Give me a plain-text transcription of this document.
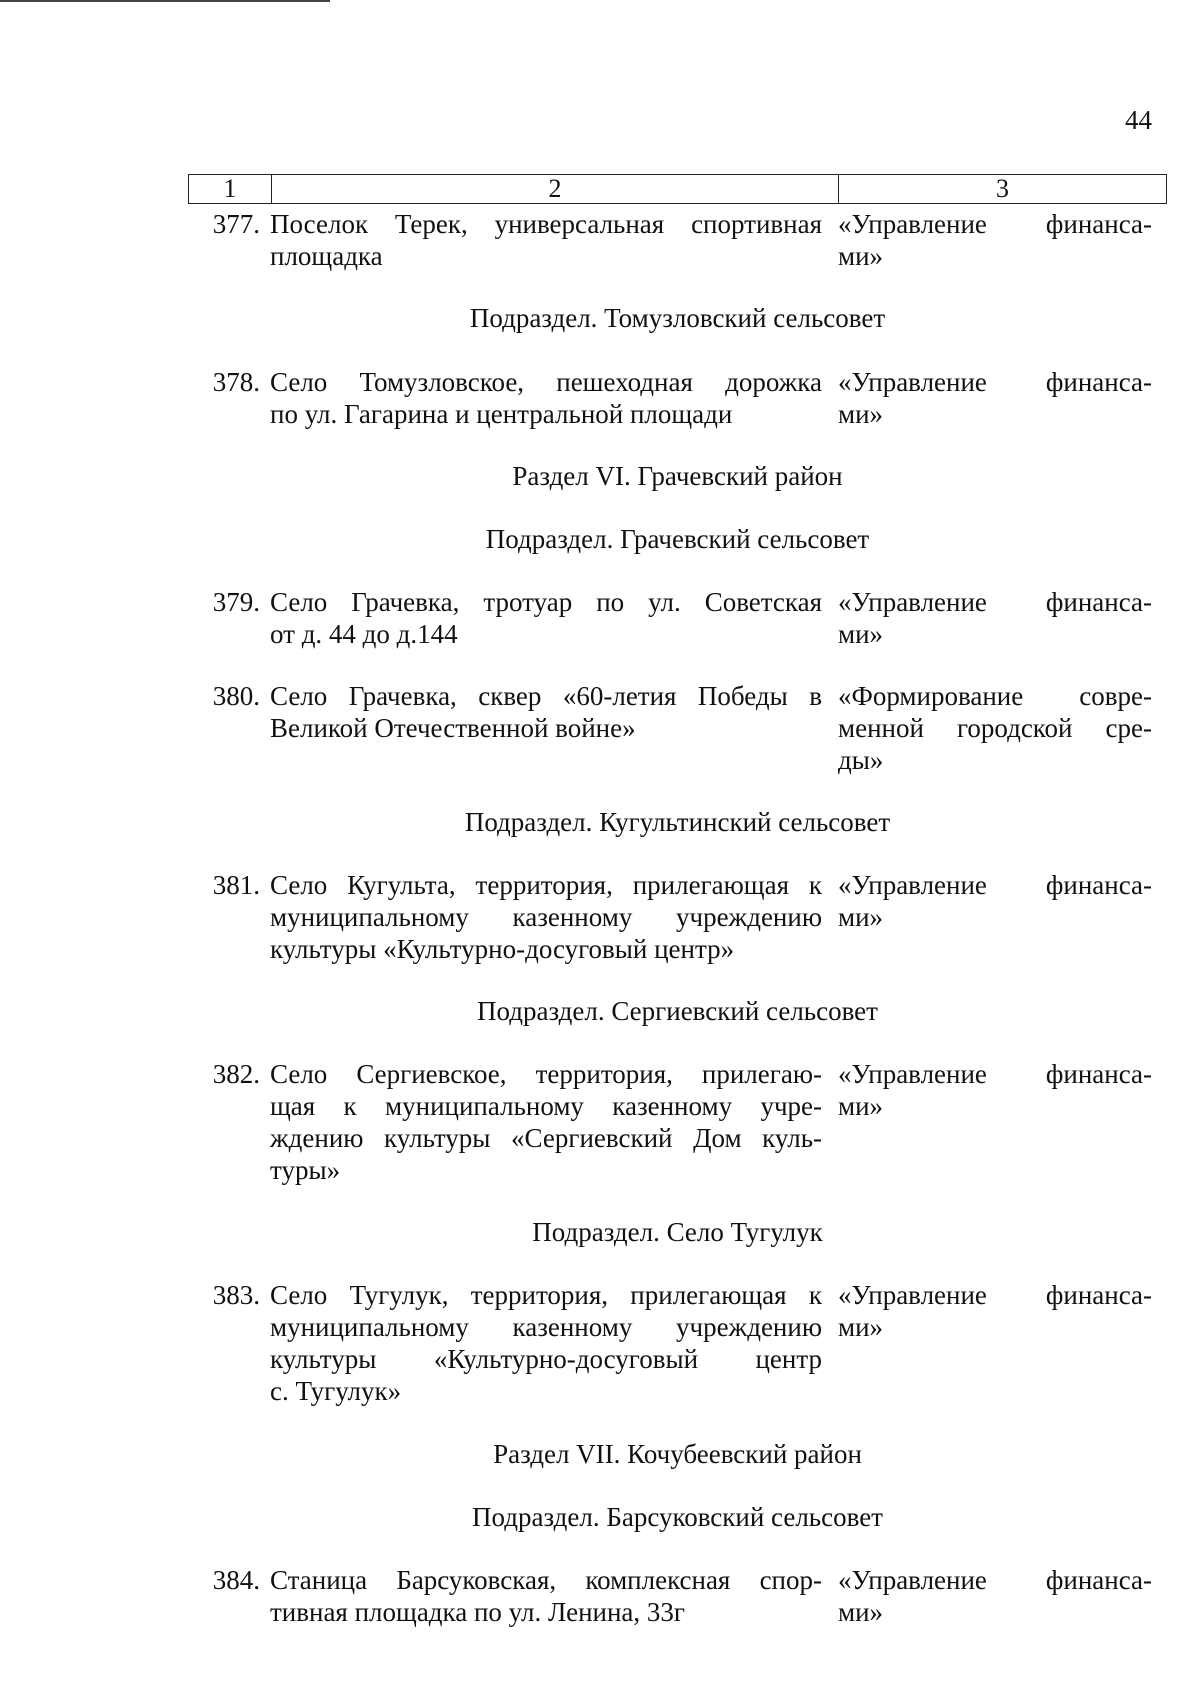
44
1	2	3
377. Поселок Терек, универсальная спортивная
площадка
«Управление финанса-
ми»
Подраздел. Томузловский сельсовет
378. Село Томузловское, пешеходная дорожка
по ул. Гагарина и центральной площади
«Управление финанса-
ми»
Раздел VI. Грачевский район
Подраздел. Грачевский сельсовет
379. Село Грачевка, тротуар по ул. Советская
от д. 44 до д.144
«Управление финанса-
ми»
380. Село Грачевка, сквер «60-летия Победы в
Великой Отечественной войне»
«Формирование совре-
менной городской сре-
ды»
Подраздел. Кугультинский сельсовет
381. Село Кугульта, территория, прилегающая к
муниципальному казенному учреждению
культуры «Культурно-досуговый центр»
«Управление финанса-
ми»
Подраздел. Сергиевский сельсовет
382. Село Сергиевское, территория, прилегаю-
щая к муниципальному казенному учре-
ждению культуры «Сергиевский Дом куль-
туры»
«Управление финанса-
ми»
Подраздел. Село Тугулук
383. Село Тугулук, территория, прилегающая к
муниципальному казенному учреждению
культуры «Культурно-досуговый центр
с. Тугулук»
«Управление финанса-
ми»
Раздел VII. Кочубеевский район
Подраздел. Барсуковский сельсовет
384. Станица Барсуковская, комплексная спор-
тивная площадка по ул. Ленина, 33г
«Управление финанса-
ми»
